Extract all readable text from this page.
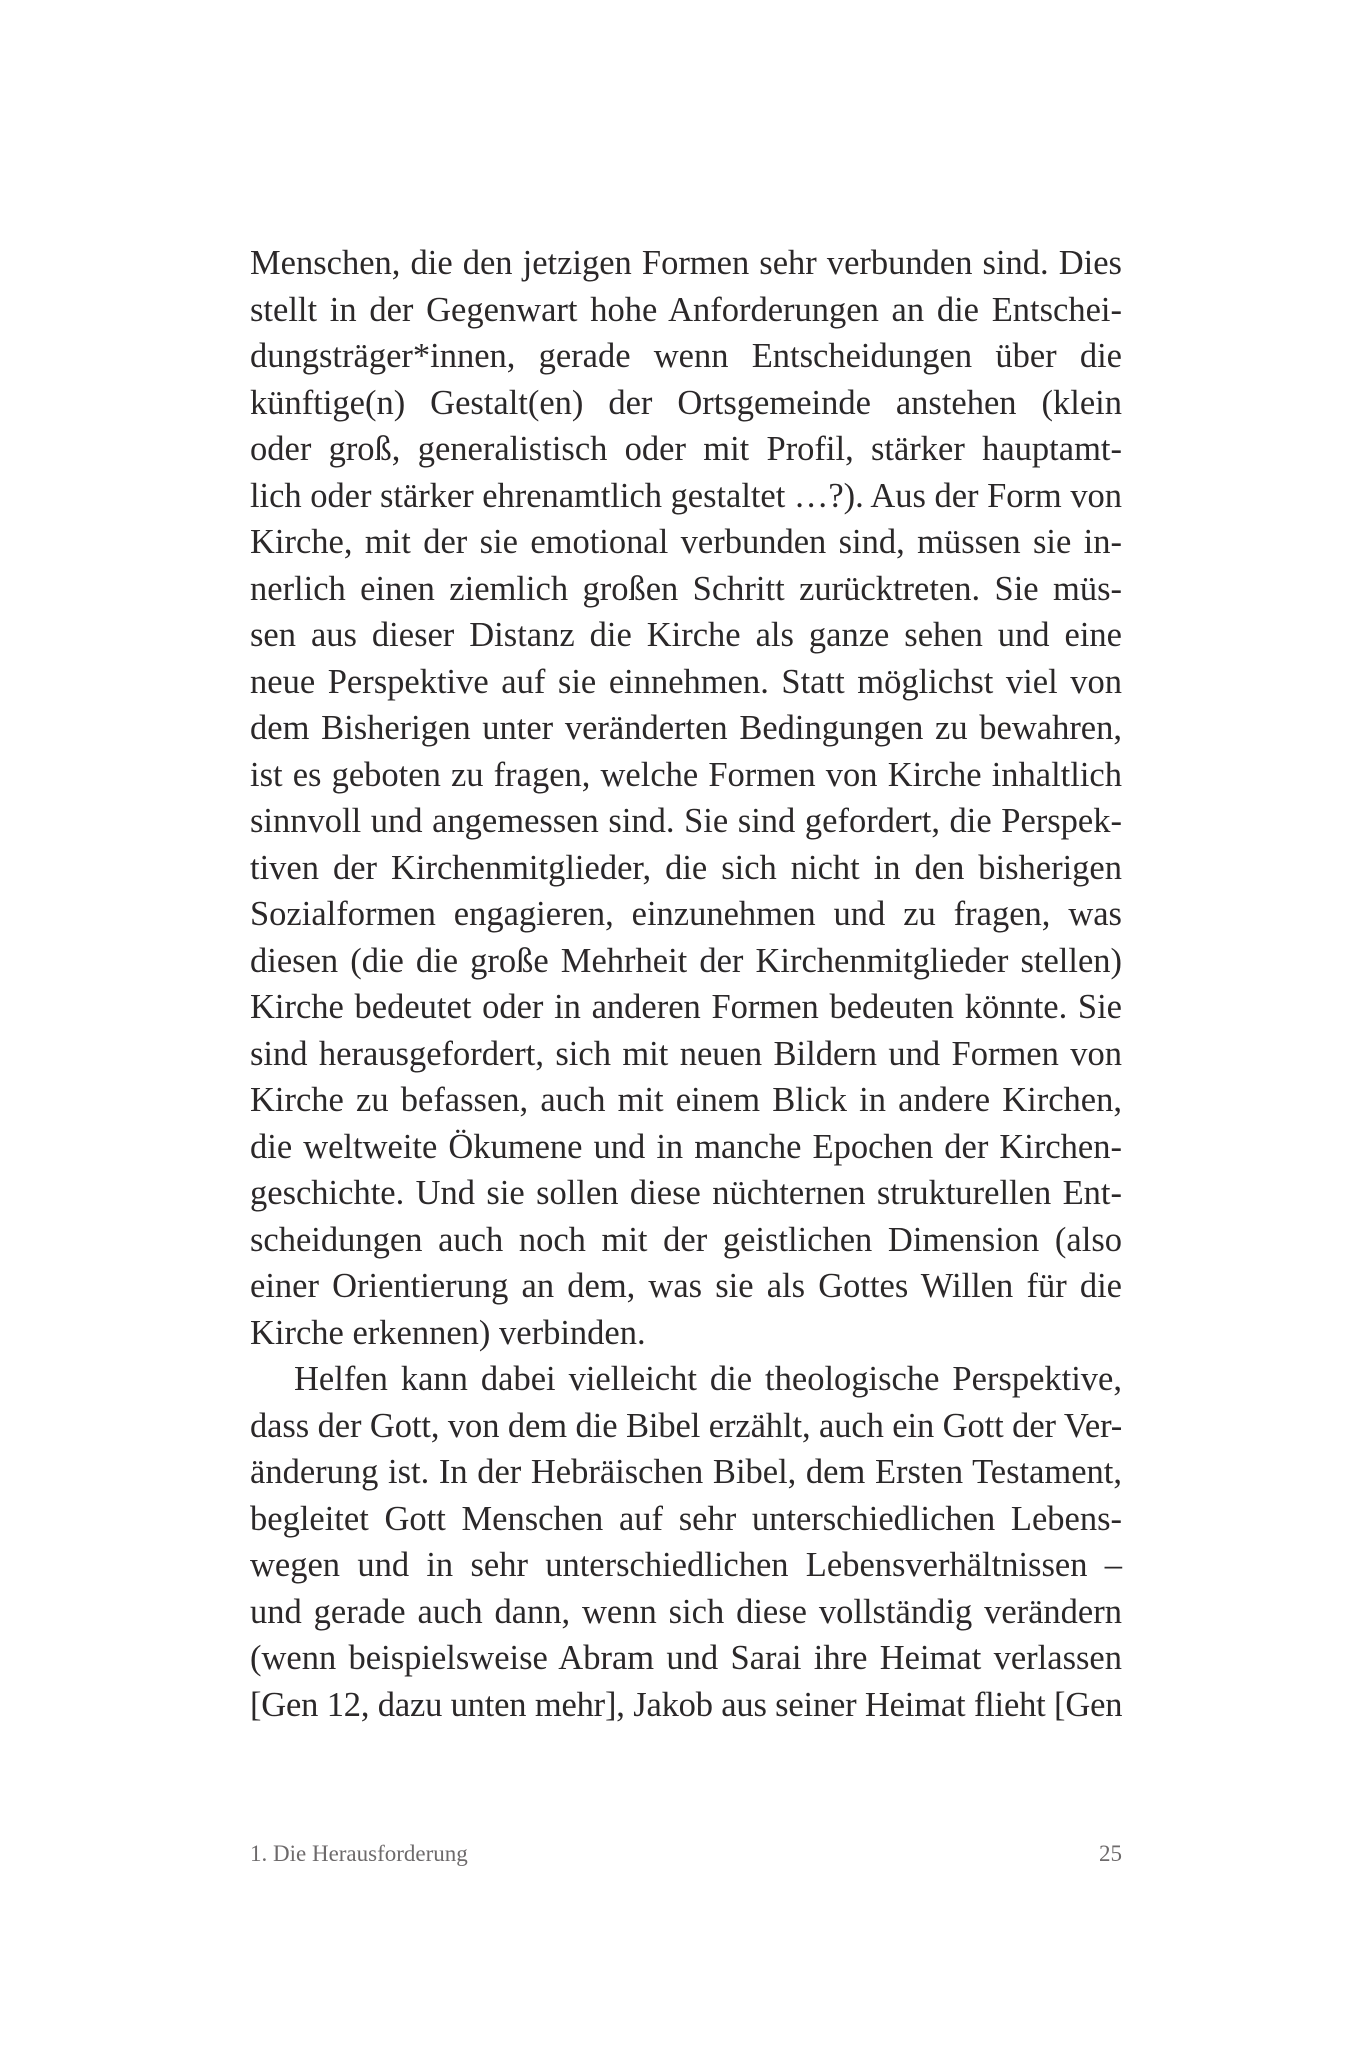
Menschen, die den jetzigen Formen sehr verbunden sind. Dies
stellt in der Gegenwart hohe Anforderungen an die Entschei-
dungsträger*innen, gerade wenn Entscheidungen über die
künftige(n) Gestalt(en) der Ortsgemeinde anstehen (klein
oder groß, generalistisch oder mit Profil, stärker hauptamt-
lich oder stärker ehrenamtlich gestaltet …?). Aus der Form von
Kirche, mit der sie emotional verbunden sind, müssen sie in-
nerlich einen ziemlich großen Schritt zurücktreten. Sie müs-
sen aus dieser Distanz die Kirche als ganze sehen und eine
neue Perspektive auf sie einnehmen. Statt möglichst viel von
dem Bisherigen unter veränderten Bedingungen zu bewahren,
ist es geboten zu fragen, welche Formen von Kirche inhaltlich
sinnvoll und angemessen sind. Sie sind gefordert, die Perspek-
tiven der Kirchenmitglieder, die sich nicht in den bisherigen
Sozialformen engagieren, einzunehmen und zu fragen, was
diesen (die die große Mehrheit der Kirchenmitglieder stellen)
Kirche bedeutet oder in anderen Formen bedeuten könnte. Sie
sind herausgefordert, sich mit neuen Bildern und Formen von
Kirche zu befassen, auch mit einem Blick in andere Kirchen,
die weltweite Ökumene und in manche Epochen der Kirchen-
geschichte. Und sie sollen diese nüchternen strukturellen Ent-
scheidungen auch noch mit der geistlichen Dimension (also
einer Orientierung an dem, was sie als Gottes Willen für die
Kirche erkennen) verbinden.
Helfen kann dabei vielleicht die theologische Perspektive,
dass der Gott, von dem die Bibel erzählt, auch ein Gott der Ver-
änderung ist. In der Hebräischen Bibel, dem Ersten Testament,
begleitet Gott Menschen auf sehr unterschiedlichen Lebens-
wegen und in sehr unterschiedlichen Lebensverhältnissen –
und gerade auch dann, wenn sich diese vollständig verändern
(wenn beispielsweise Abram und Sarai ihre Heimat verlassen
[Gen 12, dazu unten mehr], Jakob aus seiner Heimat flieht [Gen
1. Die Herausforderung	25
